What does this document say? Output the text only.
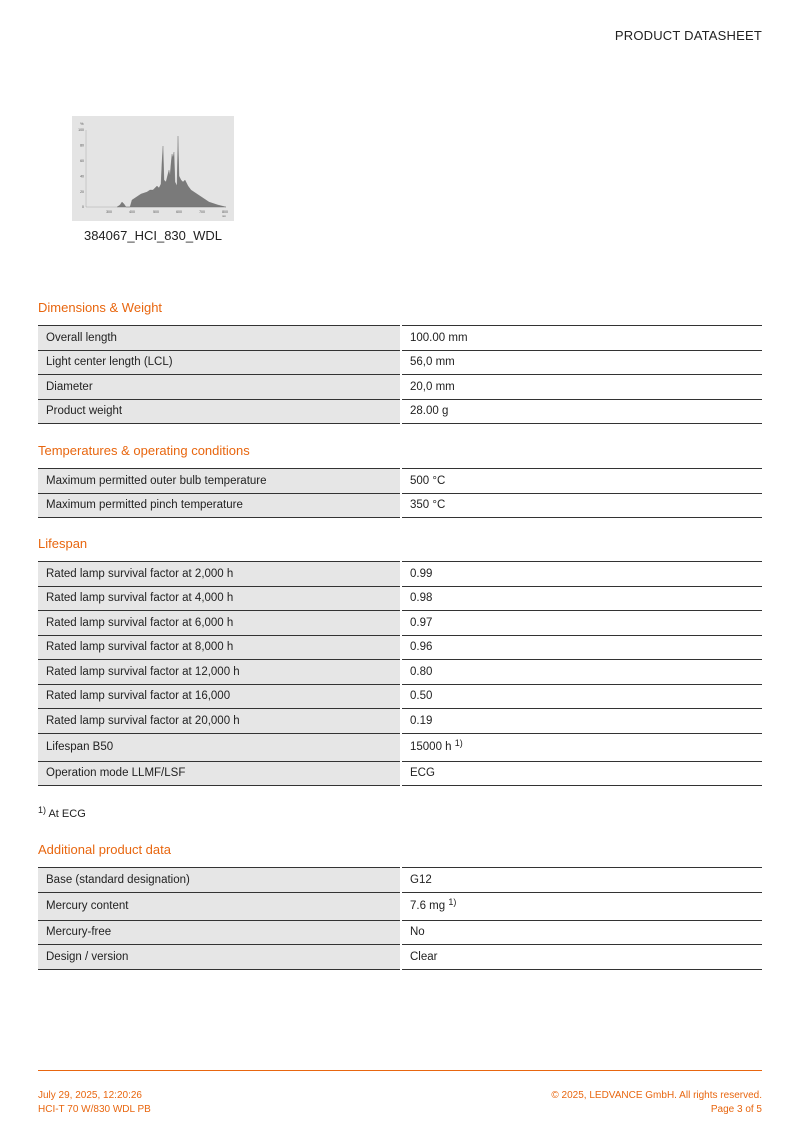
PRODUCT DATASHEET
%
100
80
60
40
20
0
300	400	500	600	700	800
nm
384067_HCI_830_WDL
Dimensions & Weight
Overall length	100.00 mm
Light center length (LCL)	56,0 mm
Diameter	20,0 mm
Product weight	28.00 g
Temperatures & operating conditions
Maximum permitted outer bulb temperature	500 °C
Maximum permitted pinch temperature	350 °C
Lifespan
Rated lamp survival factor at 2,000 h	0.99
Rated lamp survival factor at 4,000 h	0.98
Rated lamp survival factor at 6,000 h	0.97
Rated lamp survival factor at 8,000 h	0.96
Rated lamp survival factor at 12,000 h	0.80
Rated lamp survival factor at 16,000	0.50
Rated lamp survival factor at 20,000 h	0.19
Lifespan B50	15000 h $^{1)}$
Operation mode LLMF/LSF	ECG
$^{1)}$ At ECG
Additional product data
Base (standard designation)	G12
Mercury content	7.6 mg $^{1)}$
Mercury-free	No
Design / version	Clear
July 29, 2025, 12:20:26
HCI-T 70 W/830 WDL PB
© 2025, LEDVANCE GmbH. All rights reserved.
Page 3 of 5
